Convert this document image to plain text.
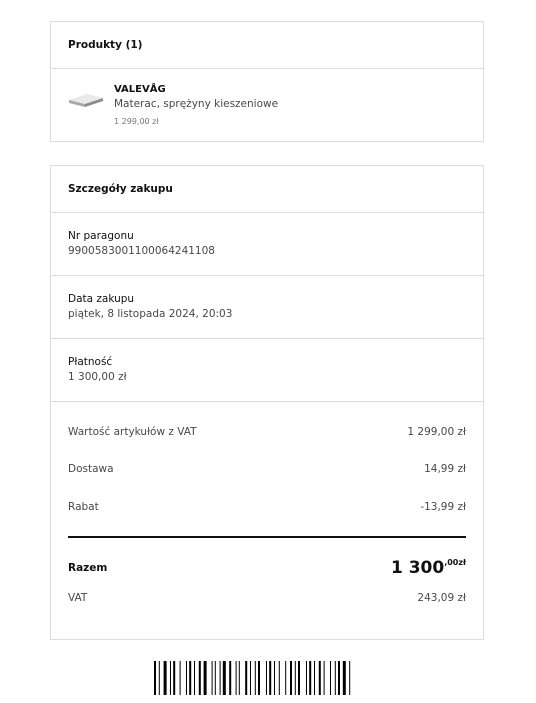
Produkty (1)
VALEVÅG
Materac, sprężyny kieszeniowe
1 299,00 zł
Szczegóły zakupu
Nr paragonu
9900583001100064241108
Data zakupu
piątek, 8 listopada 2024, 20:03
Płatność
1 300,00 zł
Wartość artykułów z VAT	1 299,00 zł
Dostawa	14,99 zł
Rabat	-13,99 zł
Razem	1 $300^{,00zł}$
VAT	243,09 zł
